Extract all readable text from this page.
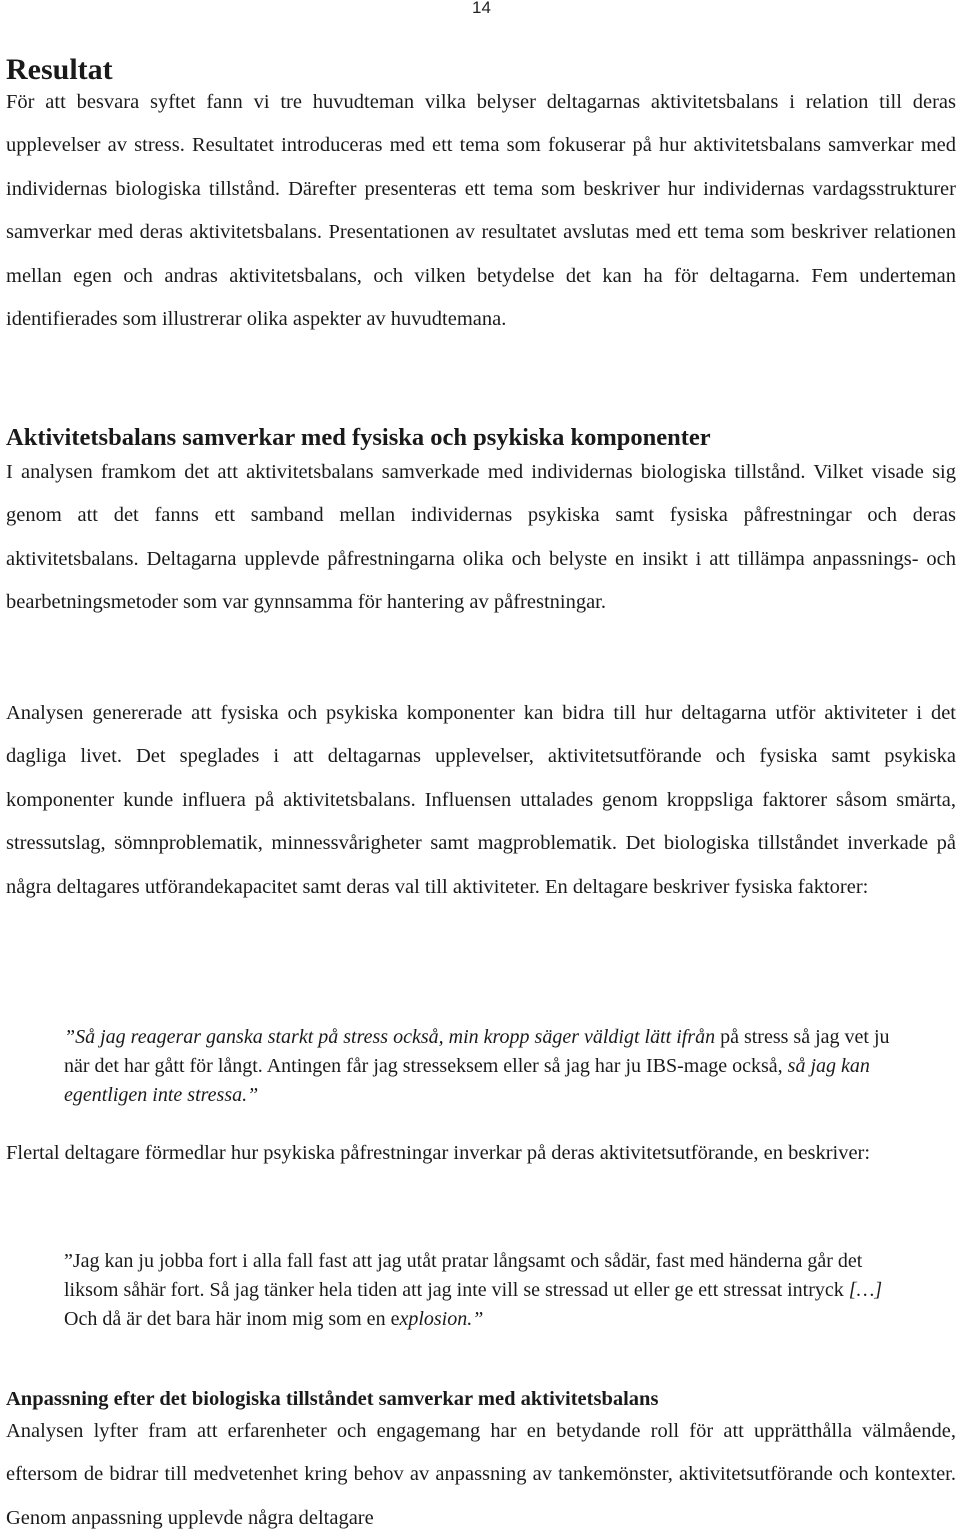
14
Resultat

För att besvara syftet fann vi tre huvudteman vilka belyser deltagarnas aktivitetsbalans i relation till deras upplevelser av stress. Resultatet introduceras med ett tema som fokuserar på hur aktivitetsbalans samverkar med individernas biologiska tillstånd. Därefter presenteras ett tema som beskriver hur individernas vardagsstrukturer samverkar med deras aktivitetsbalans. Presentationen av resultatet avslutas med ett tema som beskriver relationen mellan egen och andras aktivitetsbalans, och vilken betydelse det kan ha för deltagarna. Fem underteman identifierades som illustrerar olika aspekter av huvudtemana.

Aktivitetsbalans samverkar med fysiska och psykiska komponenter

I analysen framkom det att aktivitetsbalans samverkade med individernas biologiska tillstånd. Vilket visade sig genom att det fanns ett samband mellan individernas psykiska samt fysiska påfrestningar och deras aktivitetsbalans. Deltagarna upplevde påfrestningarna olika och belyste en insikt i att tillämpa anpassnings- och bearbetningsmetoder som var gynnsamma för hantering av påfrestningar.

Analysen genererade att fysiska och psykiska komponenter kan bidra till hur deltagarna utför aktiviteter i det dagliga livet. Det speglades i att deltagarnas upplevelser, aktivitetsutförande och fysiska samt psykiska komponenter kunde influera på aktivitetsbalans. Influensen uttalades genom kroppsliga faktorer såsom smärta, stressutslag, sömnproblematik, minnessvårigheter samt magproblematik. Det biologiska tillståndet inverkade på några deltagares utförandekapacitet samt deras val till aktiviteter. En deltagare beskriver fysiska faktorer:

”Så jag reagerar ganska starkt på stress också, min kropp säger väldigt lätt ifrån på stress så jag vet ju när det har gått för långt. Antingen får jag stresseksem eller så jag har ju IBS-mage också, så jag kan egentligen inte stressa.”

Flertal deltagare förmedlar hur psykiska påfrestningar inverkar på deras aktivitetsutförande, en beskriver:

”Jag kan ju jobba fort i alla fall fast att jag utåt pratar långsamt och sådär, fast med händerna går det liksom såhär fort. Så jag tänker hela tiden att jag inte vill se stressad ut eller ge ett stressat intryck […] Och då är det bara här inom mig som en explosion.”

Anpassning efter det biologiska tillståndet samverkar med aktivitetsbalans

Analysen lyfter fram att erfarenheter och engagemang har en betydande roll för att upprätthålla välmående, eftersom de bidrar till medvetenhet kring behov av anpassning av tankemönster, aktivitetsutförande och kontexter. Genom anpassning upplevde några deltagare
